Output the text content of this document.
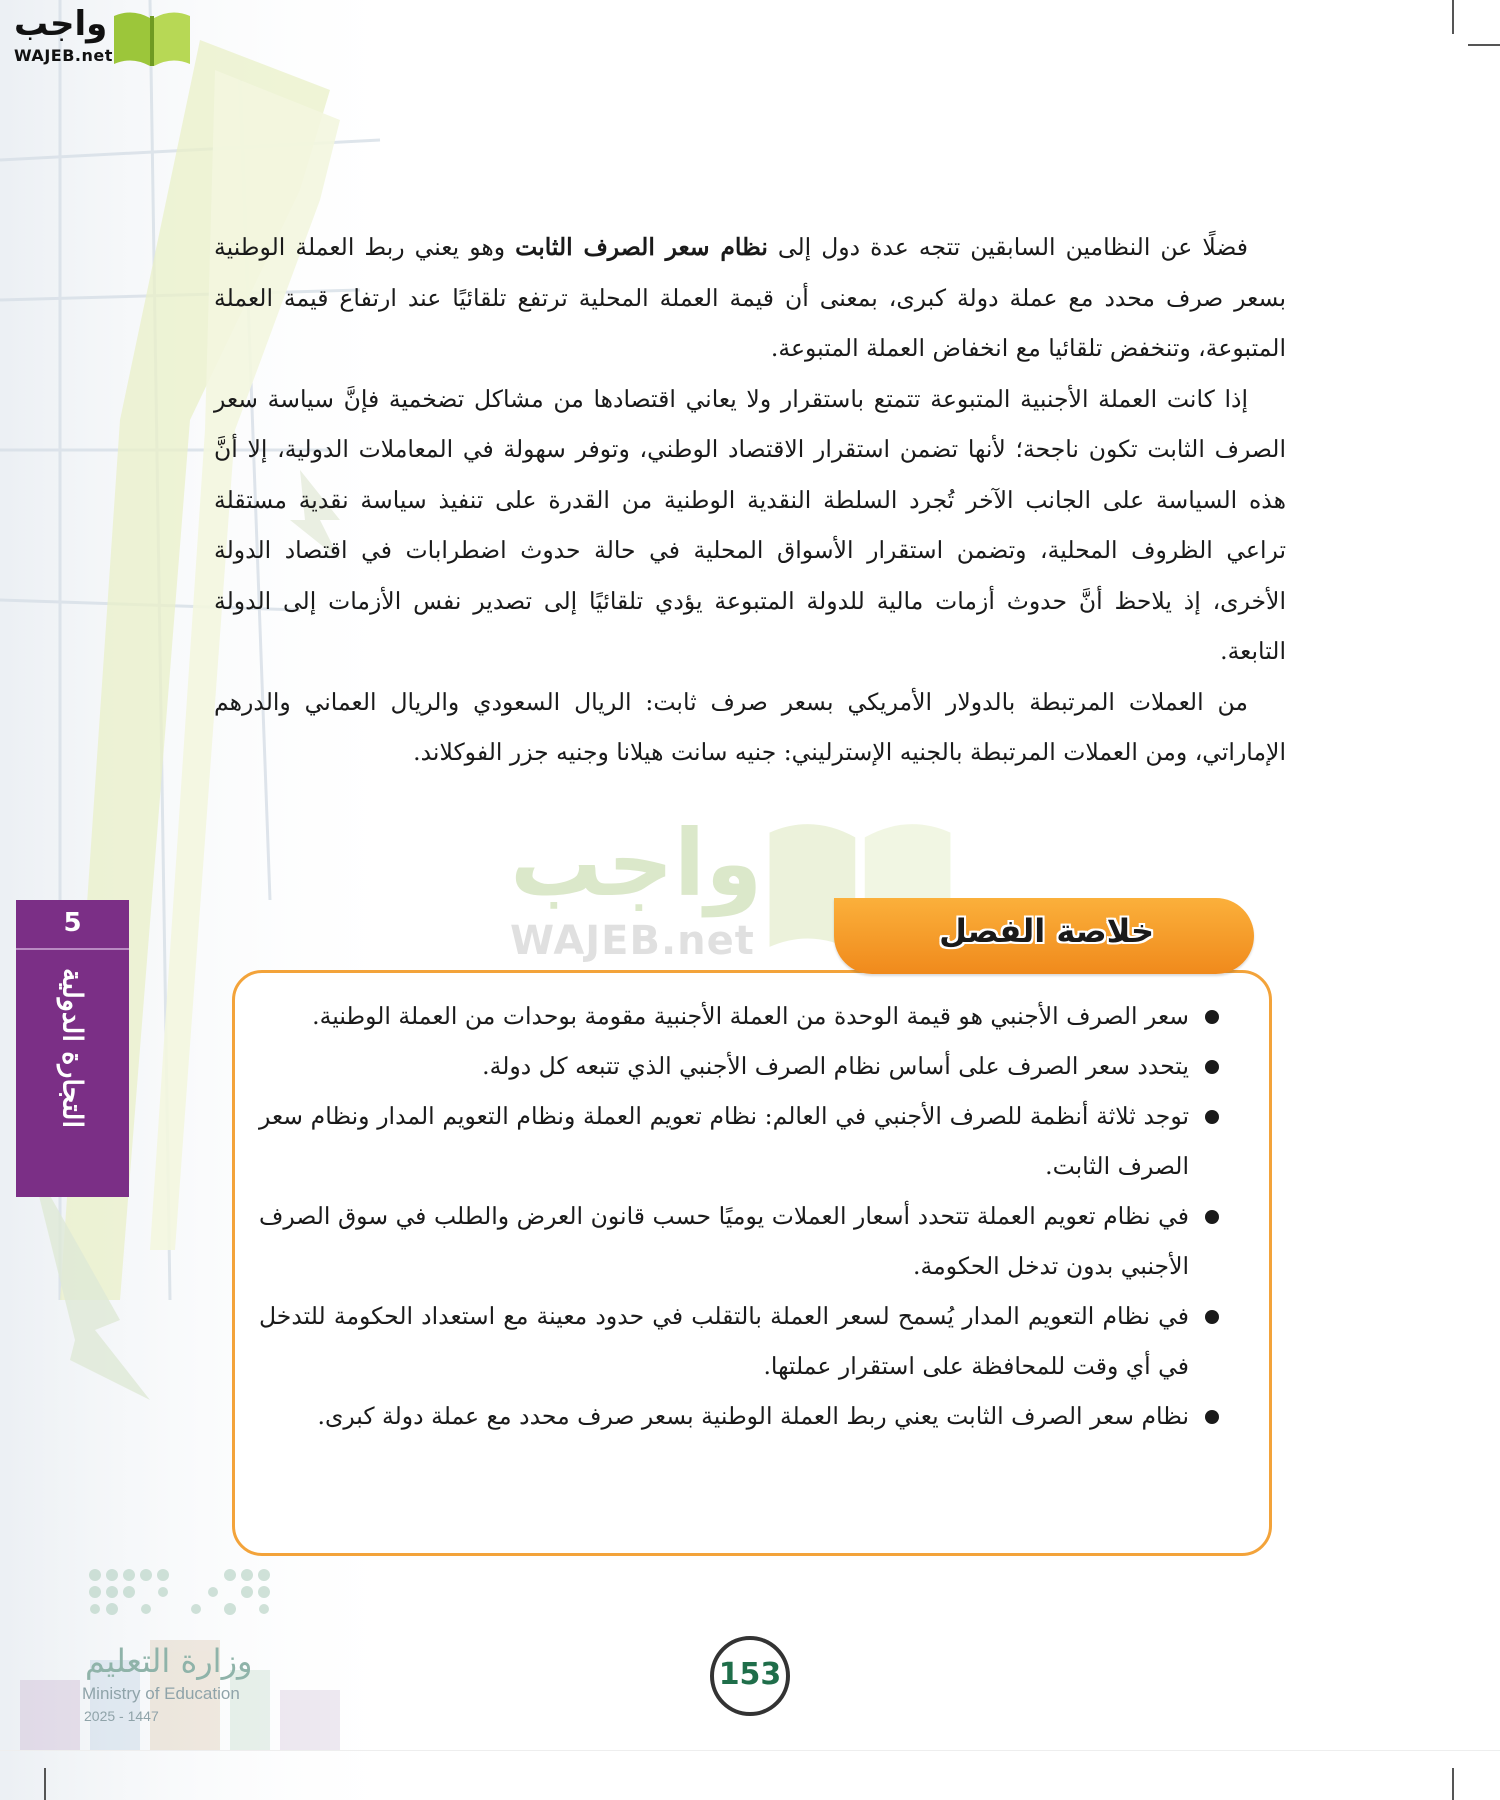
واجب
WAJEB.net

فضلًا عن النظامين السابقين تتجه عدة دول إلى نظام سعر الصرف الثابت وهو يعني ربط العملة الوطنية بسعر صرف محدد مع عملة دولة كبرى، بمعنى أن قيمة العملة المحلية ترتفع تلقائيًا عند ارتفاع قيمة العملة المتبوعة، وتنخفض تلقائيا مع انخفاض العملة المتبوعة.

إذا كانت العملة الأجنبية المتبوعة تتمتع باستقرار ولا يعاني اقتصادها من مشاكل تضخمية فإنَّ سياسة سعر الصرف الثابت تكون ناجحة؛ لأنها تضمن استقرار الاقتصاد الوطني، وتوفر سهولة في المعاملات الدولية، إلا أنَّ هذه السياسة على الجانب الآخر تُجرد السلطة النقدية الوطنية من القدرة على تنفيذ سياسة نقدية مستقلة تراعي الظروف المحلية، وتضمن استقرار الأسواق المحلية في حالة حدوث اضطرابات في اقتصاد الدولة الأخرى، إذ يلاحظ أنَّ حدوث أزمات مالية للدولة المتبوعة يؤدي تلقائيًا إلى تصدير نفس الأزمات إلى الدولة التابعة.

من العملات المرتبطة بالدولار الأمريكي بسعر صرف ثابت: الريال السعودي والريال العماني والدرهم الإماراتي، ومن العملات المرتبطة بالجنيه الإسترليني: جنيه سانت هيلانا وجنيه جزر الفوكلاند.

واجب
WAJEB.net
5
التجارة الدولية
خلاصة الفصل
سعر الصرف الأجنبي هو قيمة الوحدة من العملة الأجنبية مقومة بوحدات من العملة الوطنية.
يتحدد سعر الصرف على أساس نظام الصرف الأجنبي الذي تتبعه كل دولة.
توجد ثلاثة أنظمة للصرف الأجنبي في العالم: نظام تعويم العملة ونظام التعويم المدار ونظام سعر الصرف الثابت.
في نظام تعويم العملة تتحدد أسعار العملات يوميًا حسب قانون العرض والطلب في سوق الصرف الأجنبي بدون تدخل الحكومة.
في نظام التعويم المدار يُسمح لسعر العملة بالتقلب في حدود معينة مع استعداد الحكومة للتدخل في أي وقت للمحافظة على استقرار عملتها.
نظام سعر الصرف الثابت يعني ربط العملة الوطنية بسعر صرف محدد مع عملة دولة كبرى.
153
وزارة التعليم
Ministry of Education
2025 - 1447
